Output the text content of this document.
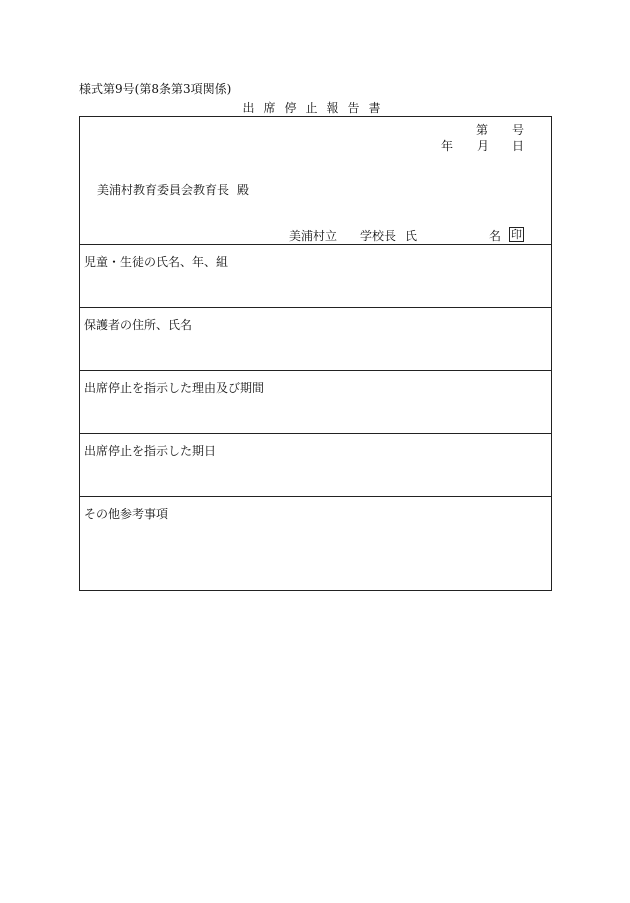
様式第9号(第8条第3項関係)
出席停止報告書
第 号
年 月 日
美浦村教育委員会教育長 殿
美浦村立 学校長 氏	名 印

児童・生徒の氏名、年、組

保護者の住所、氏名

出席停止を指示した理由及び期間

出席停止を指示した期日

その他参考事項
